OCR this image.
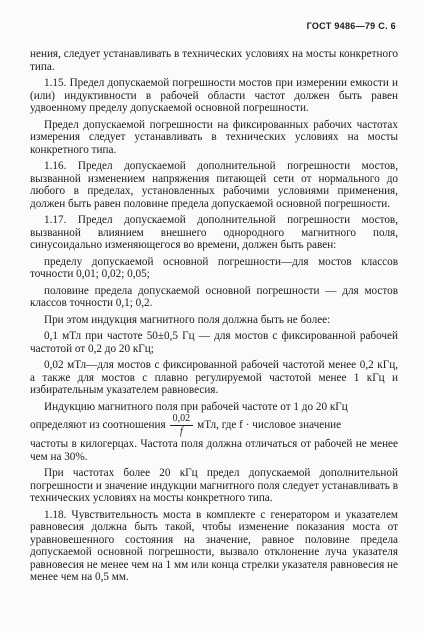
ГОСТ 9486—79 С. 6

нения, следует устанавливать в технических условиях на мосты конкретного типа.

1.15. Предел допускаемой погрешности мостов при измерении емкости и (или) индуктивности в рабочей области частот должен быть равен удвоенному пределу допускаемой основной погрешности.

Предел допускаемой погрешности на фиксированных рабочих частотах измерения следует устанавливать в технических условиях на мосты конкретного типа.

1.16. Предел допускаемой дополнительной погрешности мостов, вызванной изменением напряжения питающей сети от нормального до любого в пределах, установленных рабочими условиями применения, должен быть равен половине предела допускаемой основной погрешности.

1.17. Предел допускаемой дополнительной погрешности мостов, вызванной влиянием внешнего однородного магнитного поля, синусоидально изменяющегося во времени, должен быть равен:

пределу допускаемой основной погрешности—для мостов классов точности 0,01; 0,02; 0,05;

половине предела допускаемой основной погрешности — для мостов классов точности 0,1; 0,2.

При этом индукция магнитного поля должна быть не более:

0,1 мТл при частоте 50±0,5 Гц — для мостов с фиксированной рабочей частотой от 0,2 до 20 кГц;

0,02 мТл—для мостов с фиксированной рабочей частотой менее 0,2 кГц, а также для мостов с плавно регулируемой частотой менее 1 кГц и избирательным указателем равновесия.

Индукцию магнитного поля при рабочей частоте от 1 до 20 кГц

определяют из соотношения $\frac{0,02}{f}$ мТл, где f · числовое значение

частоты в килогерцах. Частота поля должна отличаться от рабочей не менее чем на 30%.

При частотах более 20 кГц предел допускаемой дополнительной погрешности и значение индукции магнитного поля следует устанавливать в технических условиях на мосты конкретного типа.

1.18. Чувствительность моста в комплекте с генератором и указателем равновесия должна быть такой, чтобы изменение показания моста от уравновешенного состояния на значение, равное половине предела допускаемой основной погрешности, вызвало отклонение луча указателя равновесия не менее чем на 1 мм или конца стрелки указателя равновесия не менее чем на 0,5 мм.
